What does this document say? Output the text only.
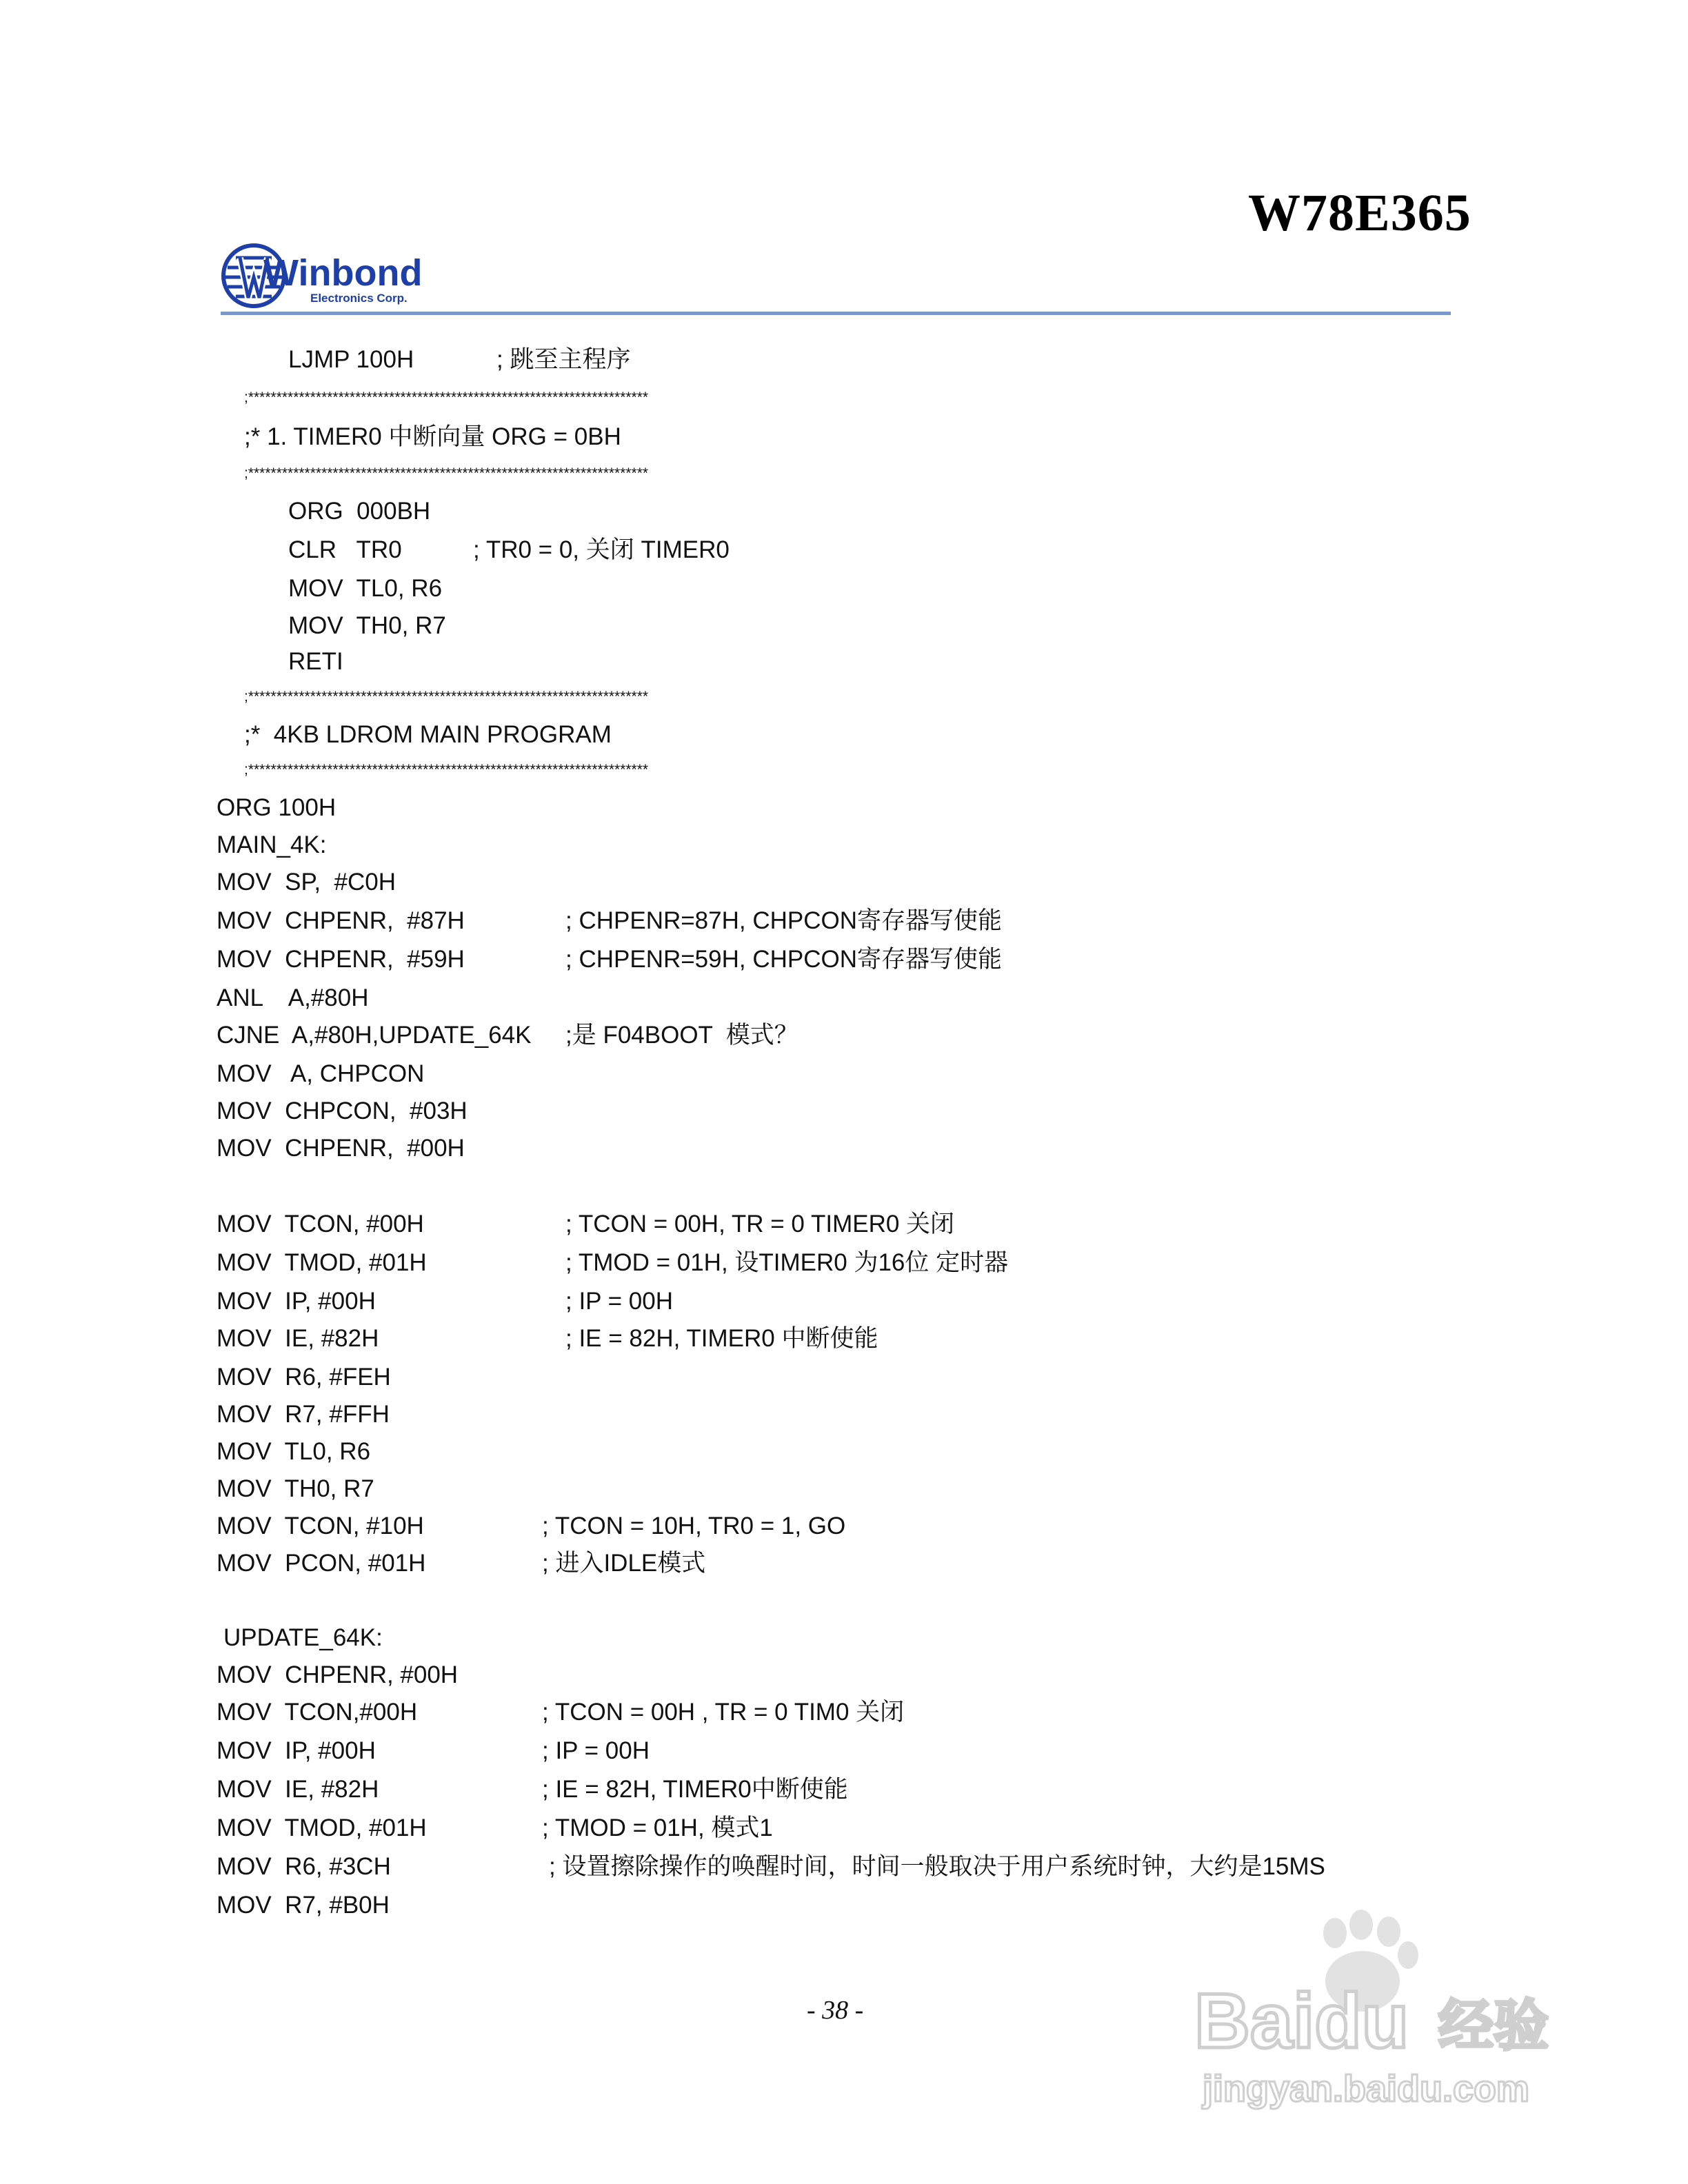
W78E365
Winbond
Electronics Corp.
LJMP 100H	; 跳至主程序
;***********************************************************************
;* 1. TIMER0 中断向量 ORG = 0BH
;***********************************************************************
ORG  000BH
CLR   TR0	; TR0 = 0, 关闭 TIMER0
MOV  TL0, R6
MOV  TH0, R7
RETI
;***********************************************************************
;*  4KB LDROM MAIN PROGRAM
;***********************************************************************
ORG 100H
MAIN_4K:
MOV  SP,  #C0H
MOV  CHPENR,  #87H	; CHPENR=87H, CHPCON寄存器写使能
MOV  CHPENR,  #59H	; CHPENR=59H, CHPCON寄存器写使能
ANL    A,#80H
CJNE  A,#80H,UPDATE_64K ;是 F04BOOT  模式？
MOV   A, CHPCON
MOV  CHPCON,  #03H
MOV  CHPENR,  #00H
MOV  TCON, #00H	; TCON = 00H, TR = 0 TIMER0 关闭
MOV  TMOD, #01H	; TMOD = 01H, 设TIMER0 为16位 定时器
MOV  IP, #00H	; IP = 00H
MOV  IE, #82H	; IE = 82H, TIMER0 中断使能
MOV  R6, #FEH
MOV  R7, #FFH
MOV  TL0, R6
MOV  TH0, R7
MOV  TCON, #10H	; TCON = 10H, TR0 = 1, GO
MOV  PCON, #01H	; 进入IDLE模式
UPDATE_64K:
MOV  CHPENR, #00H
MOV  TCON,#00H	; TCON = 00H , TR = 0 TIM0 关闭
MOV  IP, #00H	; IP = 00H
MOV  IE, #82H	; IE = 82H, TIMER0中断使能
MOV  TMOD, #01H	; TMOD = 01H, 模式1
MOV  R6, #3CH	; 设置擦除操作的唤醒时间，时间一般取决于用户系统时钟，大约是15MS
MOV  R7, #B0H
- 38 -	Baidu 经验
jingyan.baidu.com
